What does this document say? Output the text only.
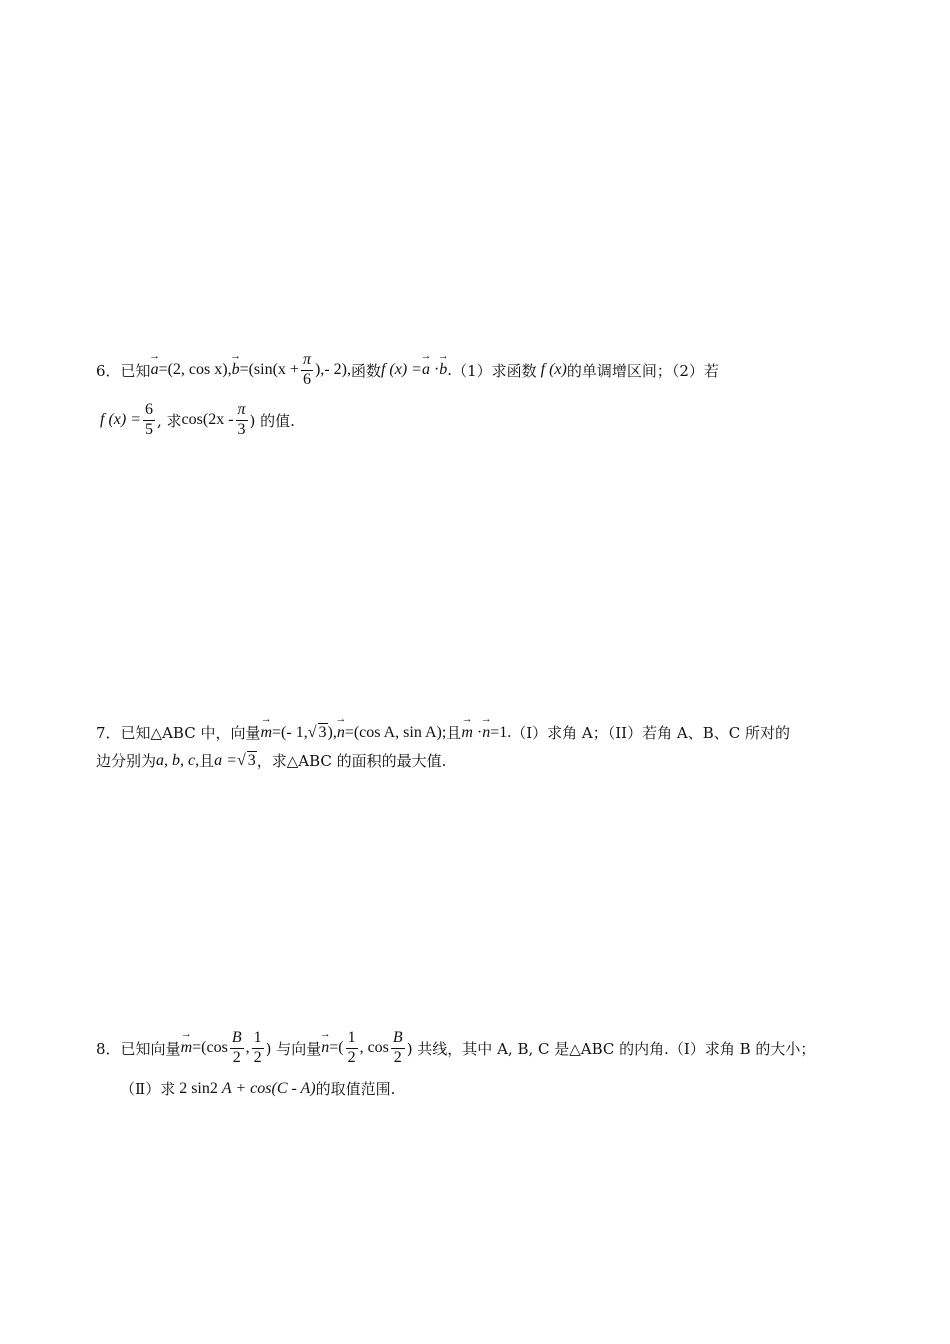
6． 已知 → a =(2, cos x), → $b =(\sin(x + \frac{\pi}{6}$ ),- 2), 函数 f (x) = → a · → b . （1）求函数 f (x) 的单调增区间；（2）若
f $(x) = \frac{6}{5}$ , 求 $\cos(2x - \frac{\pi}{3}$ ) 的值.
7． 已知△ABC 中，向量 → m =(- 1, √ 3 ), → n =(cos A, sin A); 且 → m · → n =1. （I）求角 A；（II）若角 A、B、C 所对的
边分别为 a, b, c, 且 a = √ 3 ，求△ABC 的面积的最大值.
8． 已知向量 → $m =(\cos \frac{B}{2}$ , $\frac{1}{2}$ ) 与向量 → n =( $\frac{1}{2}$ , $\cos \frac{B}{2}$ ) 共线，其中 A, B, C 是△ABC 的内角.（Ⅰ）求角 B 的大小；
（Ⅱ）求 2 sin 2 A + cos(C - A) 的取值范围.
